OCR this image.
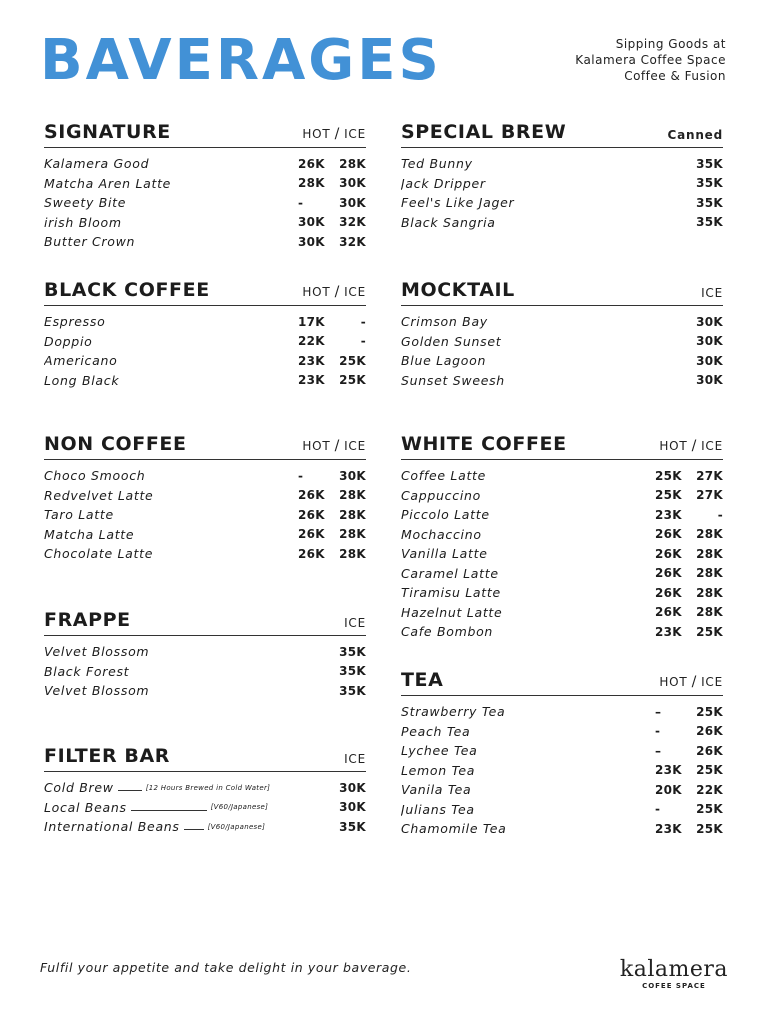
BAVERAGES	Sipping Goods at
Kalamera Coffee Space
Coffee & Fusion
SIGNATURE	HOT / ICE
Kalamera Good	26K	28K
Matcha Aren Latte	28K	30K
Sweety Bite	-	30K
irish Bloom	30K	32K
Butter Crown	30K	32K
BLACK COFFEE	HOT / ICE
Espresso	17K	-
Doppio	22K	-
Americano	23K	25K
Long Black	23K	25K
NON COFFEE	HOT / ICE
Choco Smooch	-	30K
Redvelvet Latte	26K	28K
Taro Latte	26K	28K
Matcha Latte	26K	28K
Chocolate Latte	26K	28K
FRAPPE	ICE
Velvet Blossom	35K
Black Forest	35K
Velvet Blossom	35K
FILTER BAR	ICE
Cold Brew	[12 Hours Brewed in Cold Water]	30K
Local Beans	[V60/Japanese]	30K
International Beans	[V60/Japanese]	35K
SPECIAL BREW	Canned
Ted Bunny	35K
Jack Dripper	35K
Feel's Like Jager	35K
Black Sangria	35K
MOCKTAIL	ICE
Crimson Bay	30K
Golden Sunset	30K
Blue Lagoon	30K
Sunset Sweesh	30K
WHITE COFFEE	HOT / ICE
Coffee Latte	25K	27K
Cappuccino	25K	27K
Piccolo Latte	23K	-
Mochaccino	26K	28K
Vanilla Latte	26K	28K
Caramel Latte	26K	28K
Tiramisu Latte	26K	28K
Hazelnut Latte	26K	28K
Cafe Bombon	23K	25K
TEA	HOT / ICE
Strawberry Tea	–	25K
Peach Tea	-	26K
Lychee Tea	–	26K
Lemon Tea	23K	25K
Vanila Tea	20K	22K
Julians Tea	-	25K
Chamomile Tea	23K	25K
Fulfil your appetite and take delight in your baverage.	kalamera
COFEE SPACE
